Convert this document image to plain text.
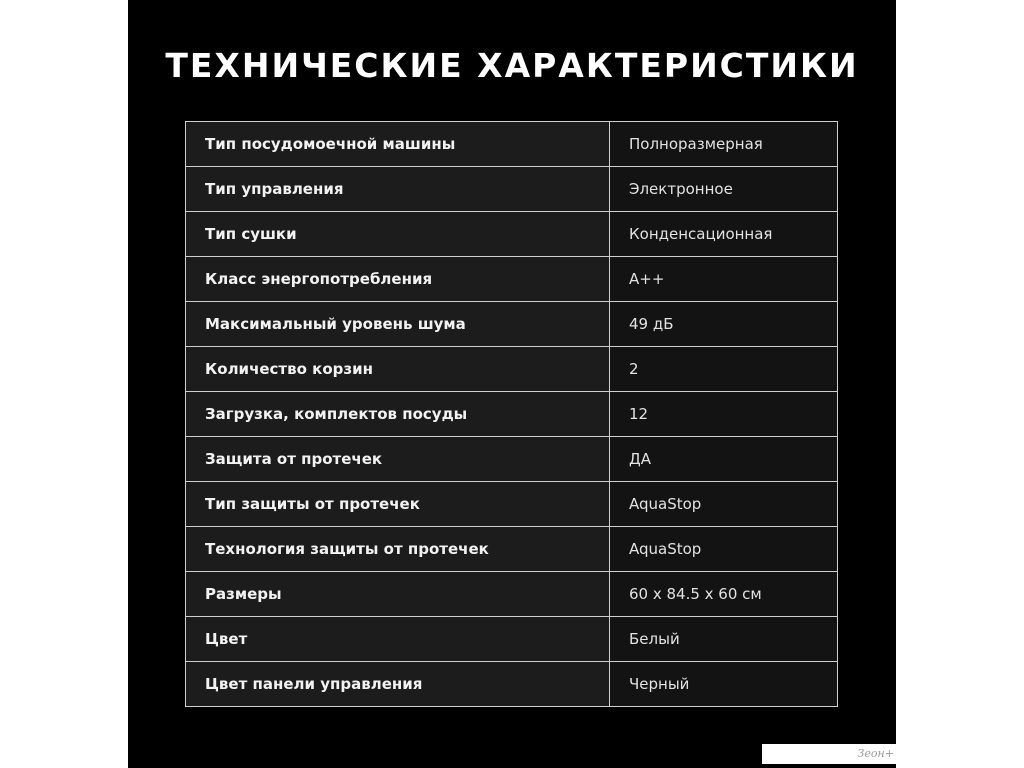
ТЕХНИЧЕСКИЕ ХАРАКТЕРИСТИКИ
Тип посудомоечной машины	Полноразмерная
Тип управления	Электронное
Тип сушки	Конденсационная
Класс энергопотребления	A++
Максимальный уровень шума	49 дБ
Количество корзин	2
Загрузка, комплектов посуды	12
Защита от протечек	ДА
Тип защиты от протечек	AquaStop
Технология защиты от протечек	AquaStop
Размеры	60 x 84.5 x 60 см
Цвет	Белый
Цвет панели управления	Черный
Зеон+
